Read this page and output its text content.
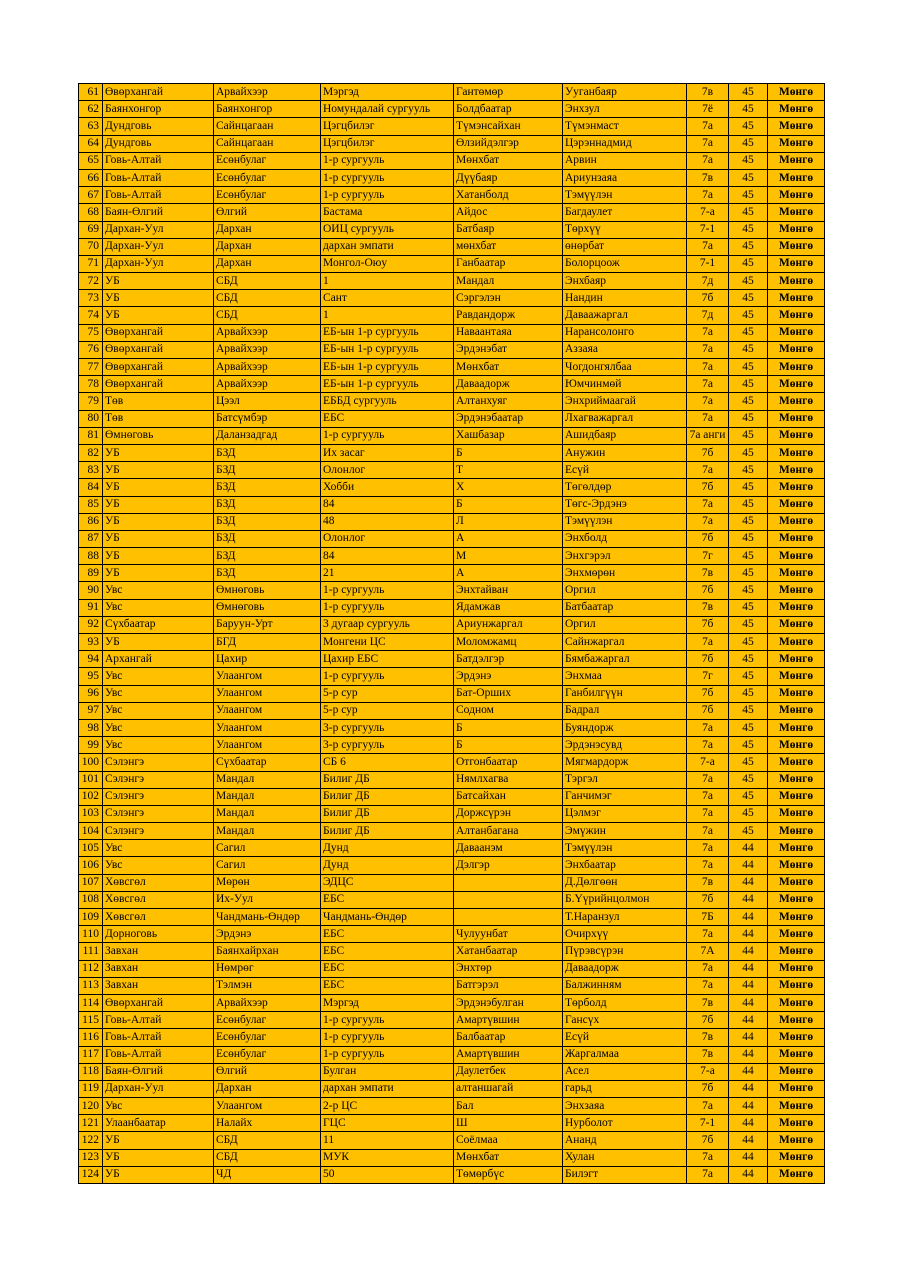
61	Өвөрхангай	Арвайхээр	Мэргэд	Гантөмөр	Ууганбаяр	7в	45	Мөнгө
62	Баянхонгор	Баянхонгор	Номундалай сургууль	Болдбаатар	Энхзул	7ё	45	Мөнгө
63	Дундговь	Сайнцагаан	Цэгцбилэг	Түмэнсайхан	Түмэнмаст	7а	45	Мөнгө
64	Дундговь	Сайнцагаан	Цэгцбилэг	Өлзийдэлгэр	Цэрэннадмид	7а	45	Мөнгө
65	Говь-Алтай	Есөнбулаг	1-р сургууль	Мөнхбат	Арвин	7а	45	Мөнгө
66	Говь-Алтай	Есөнбулаг	1-р сургууль	Дүүбаяр	Ариунзаяа	7в	45	Мөнгө
67	Говь-Алтай	Есөнбулаг	1-р сургууль	Хатанболд	Тэмүүлэн	7а	45	Мөнгө
68	Баян-Өлгий	Өлгий	Бастама	Айдос	Багдаулет	7-а	45	Мөнгө
69	Дархан-Уул	Дархан	ОИЦ сургууль	Батбаяр	Төрхүү	7-1	45	Мөнгө
70	Дархан-Уул	Дархан	дархан эмпати	мөнхбат	өнөрбат	7а	45	Мөнгө
71	Дархан-Уул	Дархан	Монгол-Оюу	Ганбаатар	Болорцоож	7-1	45	Мөнгө
72	УБ	СБД	1	Мандал	Энхбаяр	7д	45	Мөнгө
73	УБ	СБД	Сант	Сэргэлэн	Нандин	7б	45	Мөнгө
74	УБ	СБД	1	Равдандорж	Даваажаргал	7д	45	Мөнгө
75	Өвөрхангай	Арвайхээр	ЕБ-ын 1-р сургууль	Наваантаяа	Нарансолонго	7а	45	Мөнгө
76	Өвөрхангай	Арвайхээр	ЕБ-ын 1-р сургууль	Эрдэнэбат	Аззаяа	7а	45	Мөнгө
77	Өвөрхангай	Арвайхээр	ЕБ-ын 1-р сургууль	Мөнхбат	Чогдонгялбаа	7а	45	Мөнгө
78	Өвөрхангай	Арвайхээр	ЕБ-ын 1-р сургууль	Даваадорж	Юмчинмөй	7а	45	Мөнгө
79	Төв	Цээл	ЕББД сургууль	Алтанхуяг	Энхриймаагай	7а	45	Мөнгө
80	Төв	Батсүмбэр	ЕБС	Эрдэнэбаатар	Лхагважаргал	7а	45	Мөнгө
81	Өмнөговь	Даланзадгад	1-р сургууль	Хашбазар	Ашидбаяр	7а анги	45	Мөнгө
82	УБ	БЗД	Их засаг	Б	Анужин	7б	45	Мөнгө
83	УБ	БЗД	Олонлог	Т	Есүй	7а	45	Мөнгө
84	УБ	БЗД	Хобби	Х	Төгөлдөр	7б	45	Мөнгө
85	УБ	БЗД	84	Б	Төгс-Эрдэнэ	7а	45	Мөнгө
86	УБ	БЗД	48	Л	Тэмүүлэн	7а	45	Мөнгө
87	УБ	БЗД	Олонлог	А	Энхболд	7б	45	Мөнгө
88	УБ	БЗД	84	М	Энхгэрэл	7г	45	Мөнгө
89	УБ	БЗД	21	А	Энхмөрөн	7в	45	Мөнгө
90	Увс	Өмнөговь	1-р сургууль	Энхтайван	Оргил	7б	45	Мөнгө
91	Увс	Өмнөговь	1-р сургууль	Ядамжав	Батбаатар	7в	45	Мөнгө
92	Сүхбаатар	Баруун-Урт	3 дугаар сургууль	Ариунжаргал	Оргил	7б	45	Мөнгө
93	УБ	БГД	Монгени ЦС	Моломжамц	Сайнжаргал	7а	45	Мөнгө
94	Архангай	Цахир	Цахир ЕБС	Батдэлгэр	Бямбажаргал	7б	45	Мөнгө
95	Увс	Улаангом	1-р сургууль	Эрдэнэ	Энхмаа	7г	45	Мөнгө
96	Увс	Улаангом	5-р сур	Бат-Орших	Ганбилгүүн	7б	45	Мөнгө
97	Увс	Улаангом	5-р сур	Содном	Бадрал	7б	45	Мөнгө
98	Увс	Улаангом	3-р сургууль	Б	Буяндорж	7а	45	Мөнгө
99	Увс	Улаангом	3-р сургууль	Б	Эрдэнэсувд	7а	45	Мөнгө
100	Сэлэнгэ	Сүхбаатар	СБ 6	Отгонбаатар	Мягмардорж	7-а	45	Мөнгө
101	Сэлэнгэ	Мандал	Билиг ДБ	Нямлхагва	Тэргэл	7а	45	Мөнгө
102	Сэлэнгэ	Мандал	Билиг ДБ	Батсайхан	Ганчимэг	7а	45	Мөнгө
103	Сэлэнгэ	Мандал	Билиг ДБ	Доржсүрэн	Цэлмэг	7а	45	Мөнгө
104	Сэлэнгэ	Мандал	Билиг ДБ	Алтанбагана	Эмүжин	7а	45	Мөнгө
105	Увс	Сагил	Дунд	Даваанэм	Тэмүүлэн	7а	44	Мөнгө
106	Увс	Сагил	Дунд	Дэлгэр	Энхбаатар	7а	44	Мөнгө
107	Хөвсгөл	Мөрөн	ЭДЦС		Д.Дөлгөөн	7в	44	Мөнгө
108	Хөвсгөл	Их-Уул	ЕБС		Б.Үүрийнцолмон	7б	44	Мөнгө
109	Хөвсгөл	Чандмань-Өндөр	Чандмань-Өндөр		Т.Наранзул	7Б	44	Мөнгө
110	Дорноговь	Эрдэнэ	ЕБС	Чулуунбат	Очирхүү	7а	44	Мөнгө
111	Завхан	Баянхайрхан	ЕБС	Хатанбаатар	Пүрэвсүрэн	7А	44	Мөнгө
112	Завхан	Нөмрөг	ЕБС	Энхтөр	Даваадорж	7а	44	Мөнгө
113	Завхан	Тэлмэн	ЕБС	Батгэрэл	Балжинням	7а	44	Мөнгө
114	Өвөрхангай	Арвайхээр	Мэргэд	Эрдэнэбулган	Төрболд	7в	44	Мөнгө
115	Говь-Алтай	Есөнбулаг	1-р сургууль	Амартүвшин	Гансүх	7б	44	Мөнгө
116	Говь-Алтай	Есөнбулаг	1-р сургууль	Балбаатар	Есүй	7в	44	Мөнгө
117	Говь-Алтай	Есөнбулаг	1-р сургууль	Амартүвшин	Жаргалмаа	7в	44	Мөнгө
118	Баян-Өлгий	Өлгий	Булган	Даулетбек	Асел	7-а	44	Мөнгө
119	Дархан-Уул	Дархан	дархан эмпати	алтаншагай	гарьд	7б	44	Мөнгө
120	Увс	Улаангом	2-р ЦС	Бал	Энхзаяа	7а	44	Мөнгө
121	Улаанбаатар	Налайх	ГЦС	Ш	Нурболот	7-1	44	Мөнгө
122	УБ	СБД	11	Соёлмаа	Ананд	7б	44	Мөнгө
123	УБ	СБД	МУК	Мөнхбат	Хулан	7а	44	Мөнгө
124	УБ	ЧД	50	Төмөрбүс	Билэгт	7а	44	Мөнгө
